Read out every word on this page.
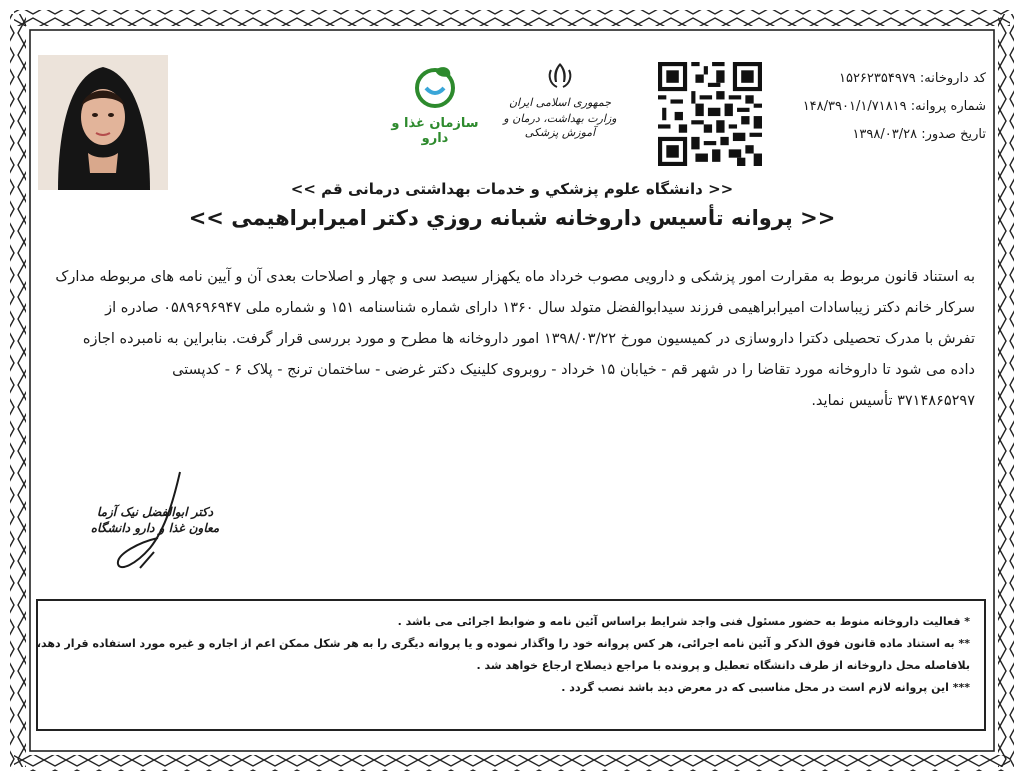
سازمان غذا و دارو
جمهوری اسلامی ایران
وزارت بهداشت، درمان و آموزش پزشکی
کد داروخانه: ۱۵۲۶۲۳۵۴۹۷۹
شماره پروانه: ۱۴۸/۳۹۰۱/۱/۷۱۸۱۹
تاریخ صدور: ۱۳۹۸/۰۳/۲۸
<< دانشگاه علوم پزشكي و خدمات بهداشتی درمانی قم >>
<< پروانه تأسيس داروخانه شبانه روزي دكتر اميرابراهيمی >>

به استناد قانون مربوط به مقرارت امور پزشکی و دارویی مصوب خرداد ماه یکهزار سیصد سی و چهار و اصلاحات بعدی آن و آیین نامه های مربوطه مدارک

سرکار خانم دکتر زیباسادات امیرابراهیمی فرزند سیدابوالفضل متولد سال ۱۳۶۰ دارای شماره شناسنامه ۱۵۱ و شماره ملی ۰۵۸۹۶۹۶۹۴۷ صادره از

تفرش با مدرک تحصیلی دکترا داروسازی در کمیسیون مورخ ۱۳۹۸/۰۳/۲۲ امور داروخانه ها مطرح و مورد بررسی قرار گرفت. بنابراین به نامبرده اجازه

داده می شود تا داروخانه مورد تقاضا را در شهر قم - خیابان ۱۵ خرداد - روبروی کلینیک دکتر غرضی - ساختمان ترنج - پلاک ۶ - کدپستی

۳۷۱۴۸۶۵۲۹۷ تأسیس نماید.

دکتر ابوالفضل نیک آزما
معاون غذا و دارو دانشگاه

* فعالیت داروخانه منوط به حضور مسئول فنی واجد شرایط براساس آئین نامه و ضوابط اجرائی می باشد .

** به استناد ماده قانون فوق الذکر و آئین نامه اجرائی، هر کس پروانه خود را واگذار نموده و یا پروانه دیگری را به هر شکل ممکن اعم از اجاره و غیره مورد استفاده قرار دهد،

بلافاصله محل داروخانه از طرف دانشگاه تعطیل و پرونده با مراجع ذیصلاح ارجاع خواهد شد .

*** این پروانه لازم است در محل مناسبی که در معرض دید باشد نصب گردد .
